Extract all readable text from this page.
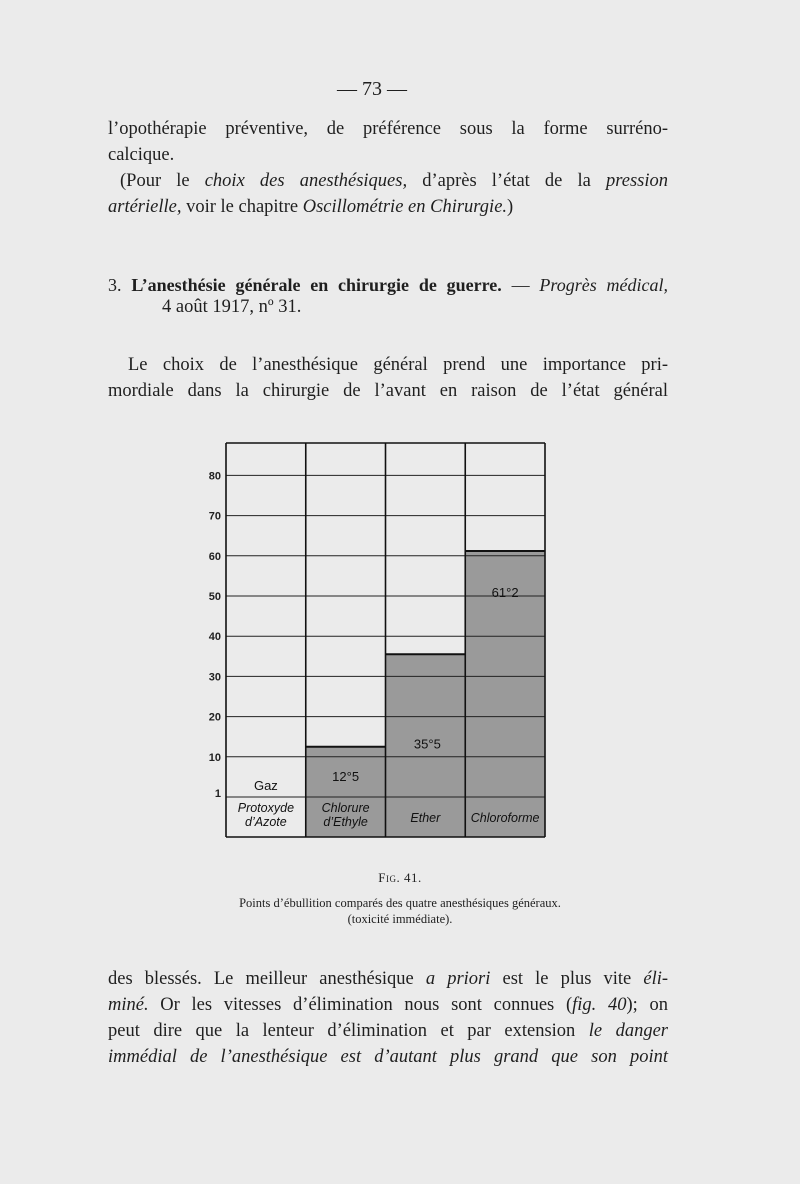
— 73 —
l’opothérapie préventive, de préférence sous la forme surréno-
calcique.
(Pour le choix des anesthésiques, d’après l’état de la pression
artérielle, voir le chapitre Oscillométrie en Chirurgie.)
3. L’anesthésie générale en chirurgie de guerre. — Progrès médical,
4 août 1917, nº 31.
Le choix de l’anesthésique général prend une importance pri-
mordiale dans la chirurgie de l’avant en raison de l’état général
1
10
20
30
40
50
60
70
80
Protoxyde
d’Azote
Chlorure
d’Ethyle	Ether Chloroforme
Gaz
12°5
35°5
61°2
Fig. 41.
Points d’ébullition comparés des quatre anesthésiques généraux.
(toxicité immédiate).
des blessés. Le meilleur anesthésique a priori est le plus vite éli-
miné. Or les vitesses d’élimination nous sont connues (fig. 40); on
peut dire que la lenteur d’élimination et par extension le danger
immédial de l’anesthésique est d’autant plus grand que son point
